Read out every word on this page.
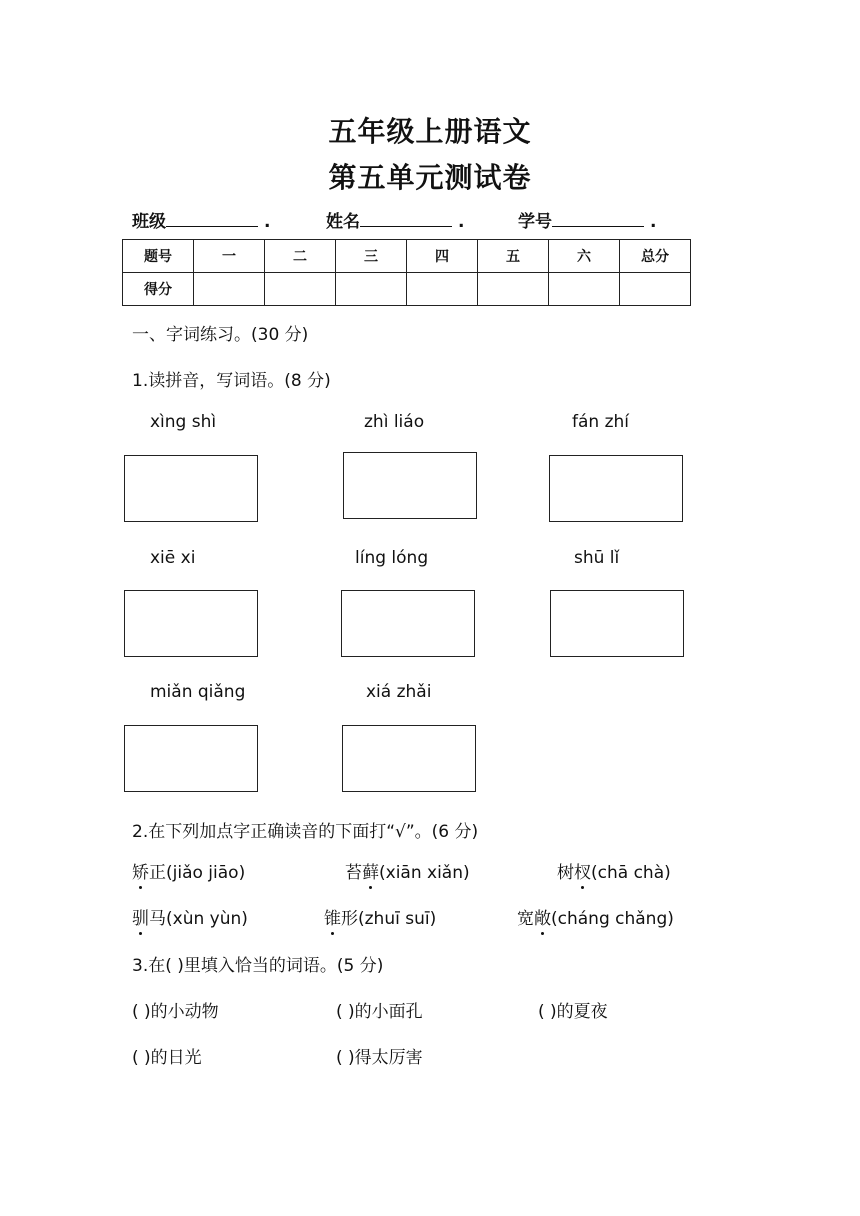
五年级上册语文
第五单元测试卷
班级	.	姓名	.	学号	.
题号	一	二	三	四	五	六	总分
得分							
一、字词练习。(30 分)
1.读拼音，写词语。(8 分)
xìng shì	zhì liáo	fán zhí
xiē xi	líng lóng	shū lǐ
miǎn qiǎng	xiá zhǎi
2.在下列加点字正确读音的下面打“√”。(6 分)
矫正(jiǎo jiāo)	苔藓(xiān xiǎn)	树杈(chā chà)
驯马(xùn yùn)	锥形(zhuī suī)	宽敞(cháng chǎng)
3.在( )里填入恰当的词语。(5 分)
( )的小动物	( )的小面孔	( )的夏夜
( )的日光	( )得太厉害
